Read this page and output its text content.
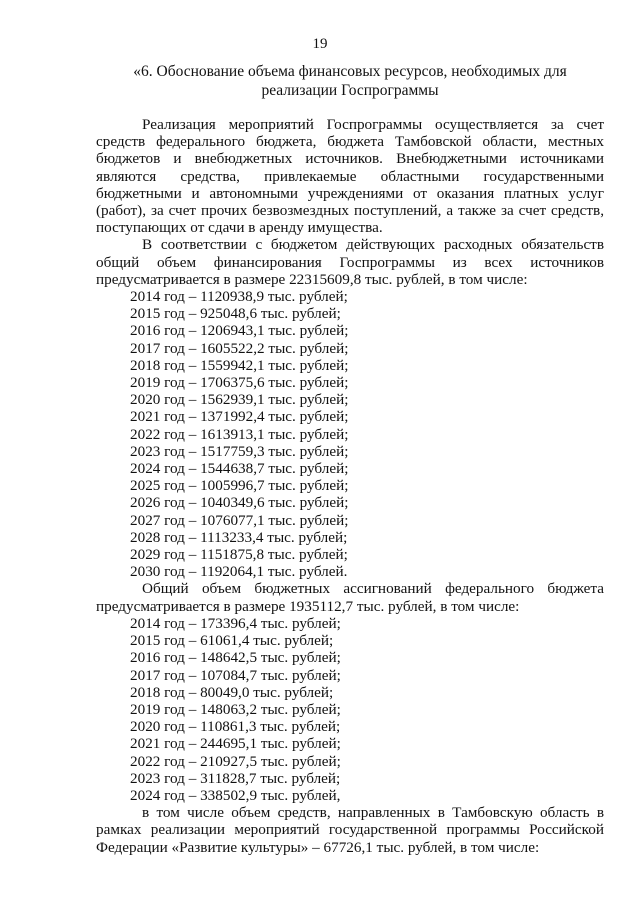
19
«6. Обоснование объема финансовых ресурсов, необходимых для реализации Госпрограммы

Реализация мероприятий Госпрограммы осуществляется за счет средств федерального бюджета, бюджета Тамбовской области, местных бюджетов и внебюджетных источников. Внебюджетными источниками являются средства, привлекаемые областными государственными бюджетными и автономными учреждениями от оказания платных услуг (работ), за счет прочих безвозмездных поступлений, а также за счет средств, поступающих от сдачи в аренду имущества.

В соответствии с бюджетом действующих расходных обязательств общий объем финансирования Госпрограммы из всех источников предусматривается в размере 22315609,8 тыс. рублей, в том числе:

2014 год – 1120938,9 тыс. рублей;

2015 год – 925048,6 тыс. рублей;

2016 год – 1206943,1 тыс. рублей;

2017 год – 1605522,2 тыс. рублей;

2018 год – 1559942,1 тыс. рублей;

2019 год – 1706375,6 тыс. рублей;

2020 год – 1562939,1 тыс. рублей;

2021 год – 1371992,4 тыс. рублей;

2022 год – 1613913,1 тыс. рублей;

2023 год – 1517759,3 тыс. рублей;

2024 год – 1544638,7 тыс. рублей;

2025 год – 1005996,7 тыс. рублей;

2026 год – 1040349,6 тыс. рублей;

2027 год – 1076077,1 тыс. рублей;

2028 год – 1113233,4 тыс. рублей;

2029 год – 1151875,8 тыс. рублей;

2030 год – 1192064,1 тыс. рублей.

Общий объем бюджетных ассигнований федерального бюджета предусматривается в размере 1935112,7 тыс. рублей, в том числе:

2014 год – 173396,4 тыс. рублей;

2015 год – 61061,4 тыс. рублей;

2016 год – 148642,5 тыс. рублей;

2017 год – 107084,7 тыс. рублей;

2018 год – 80049,0 тыс. рублей;

2019 год – 148063,2 тыс. рублей;

2020 год – 110861,3 тыс. рублей;

2021 год – 244695,1 тыс. рублей;

2022 год – 210927,5 тыс. рублей;

2023 год – 311828,7 тыс. рублей;

2024 год – 338502,9 тыс. рублей,

в том числе объем средств, направленных в Тамбовскую область в рамках реализации мероприятий государственной программы Российской Федерации «Развитие культуры» – 67726,1 тыс. рублей, в том числе:
